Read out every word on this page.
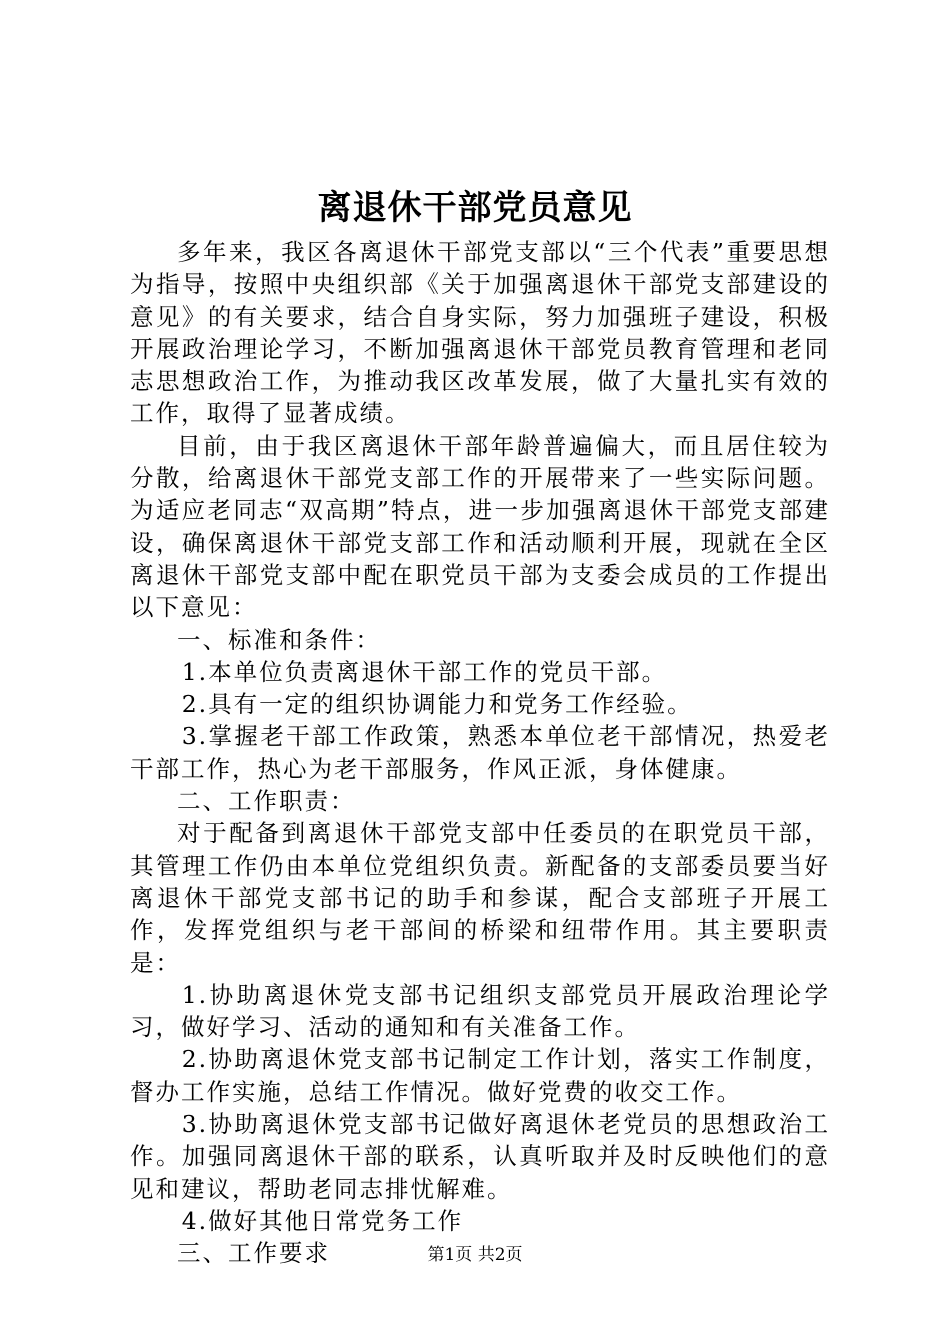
离退休干部党员意见

多年来，我区各离退休干部党支部以“三个代表”重要思想为指导，按照中央组织部《关于加强离退休干部党支部建设的意见》的有关要求，结合自身实际，努力加强班子建设，积极开展政治理论学习，不断加强离退休干部党员教育管理和老同志思想政治工作，为推动我区改革发展，做了大量扎实有效的工作，取得了显著成绩。

目前，由于我区离退休干部年龄普遍偏大，而且居住较为分散，给离退休干部党支部工作的开展带来了一些实际问题。为适应老同志“双高期”特点，进一步加强离退休干部党支部建设，确保离退休干部党支部工作和活动顺利开展，现就在全区离退休干部党支部中配在职党员干部为支委会成员的工作提出以下意见：

一、标准和条件：

1.本单位负责离退休干部工作的党员干部。

2.具有一定的组织协调能力和党务工作经验。

3.掌握老干部工作政策，熟悉本单位老干部情况，热爱老干部工作，热心为老干部服务，作风正派，身体健康。

二、工作职责：

对于配备到离退休干部党支部中任委员的在职党员干部，其管理工作仍由本单位党组织负责。新配备的支部委员要当好离退休干部党支部书记的助手和参谋，配合支部班子开展工作，发挥党组织与老干部间的桥梁和纽带作用。其主要职责是：

1.协助离退休党支部书记组织支部党员开展政治理论学习，做好学习、活动的通知和有关准备工作。

2.协助离退休党支部书记制定工作计划，落实工作制度，督办工作实施，总结工作情况。做好党费的收交工作。

3.协助离退休党支部书记做好离退休老党员的思想政治工作。加强同离退休干部的联系，认真听取并及时反映他们的意见和建议，帮助老同志排忧解难。

4.做好其他日常党务工作

三、工作要求	第1页 共2页
